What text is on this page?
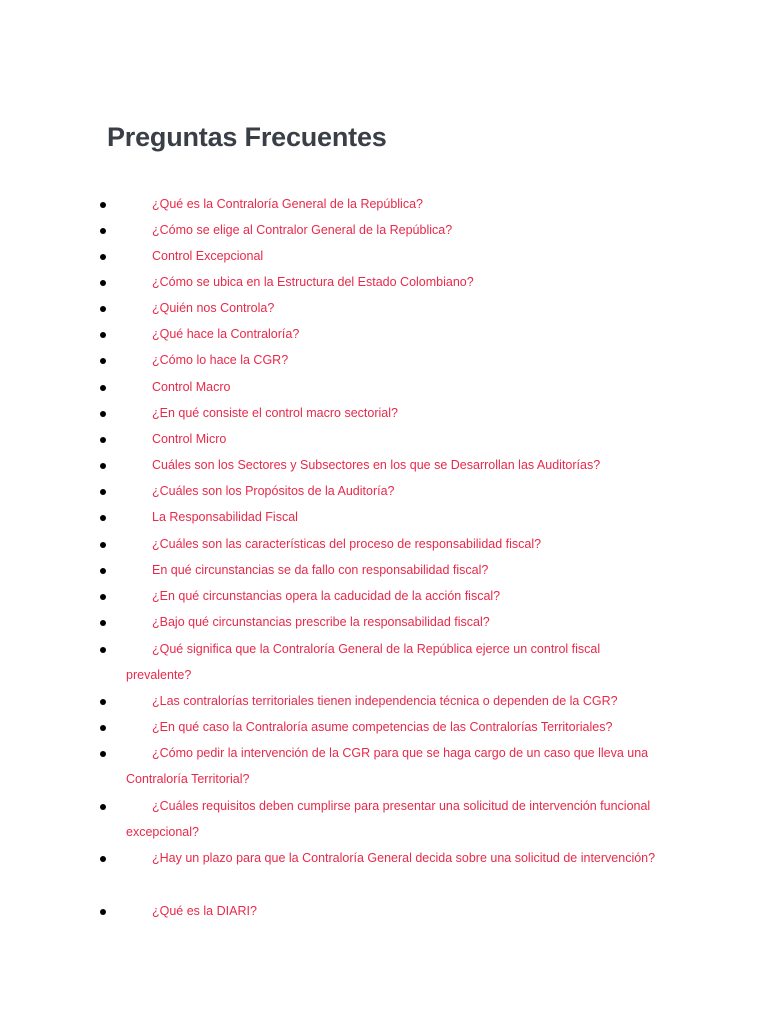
Preguntas Frecuentes
¿Qué es la Contraloría General de la República?
¿Cómo se elige al Contralor General de la República?
Control Excepcional
¿Cómo se ubica en la Estructura del Estado Colombiano?
¿Quién nos Controla?
¿Qué hace la Contraloría?
¿Cómo lo hace la CGR?
Control Macro
¿En qué consiste el control macro sectorial?
Control Micro
Cuáles son los Sectores y Subsectores en los que se Desarrollan las Auditorías?
¿Cuáles son los Propósitos de la Auditoría?
La Responsabilidad Fiscal
¿Cuáles son las características del proceso de responsabilidad fiscal?
En qué circunstancias se da fallo con responsabilidad fiscal?
¿En qué circunstancias opera la caducidad de la acción fiscal?
¿Bajo qué circunstancias prescribe la responsabilidad fiscal?
¿Qué significa que la Contraloría General de la República ejerce un control fiscal prevalente?
¿Las contralorías territoriales tienen independencia técnica o dependen de la CGR?
¿En qué caso la Contraloría asume competencias de las Contralorías Territoriales?
¿Cómo pedir la intervención de la CGR para que se haga cargo de un caso que lleva una Contraloría Territorial?
¿Cuáles requisitos deben cumplirse para presentar una solicitud de intervención funcional excepcional?
¿Hay un plazo para que la Contraloría General decida sobre una solicitud de intervención?
¿Qué es la DIARI?
